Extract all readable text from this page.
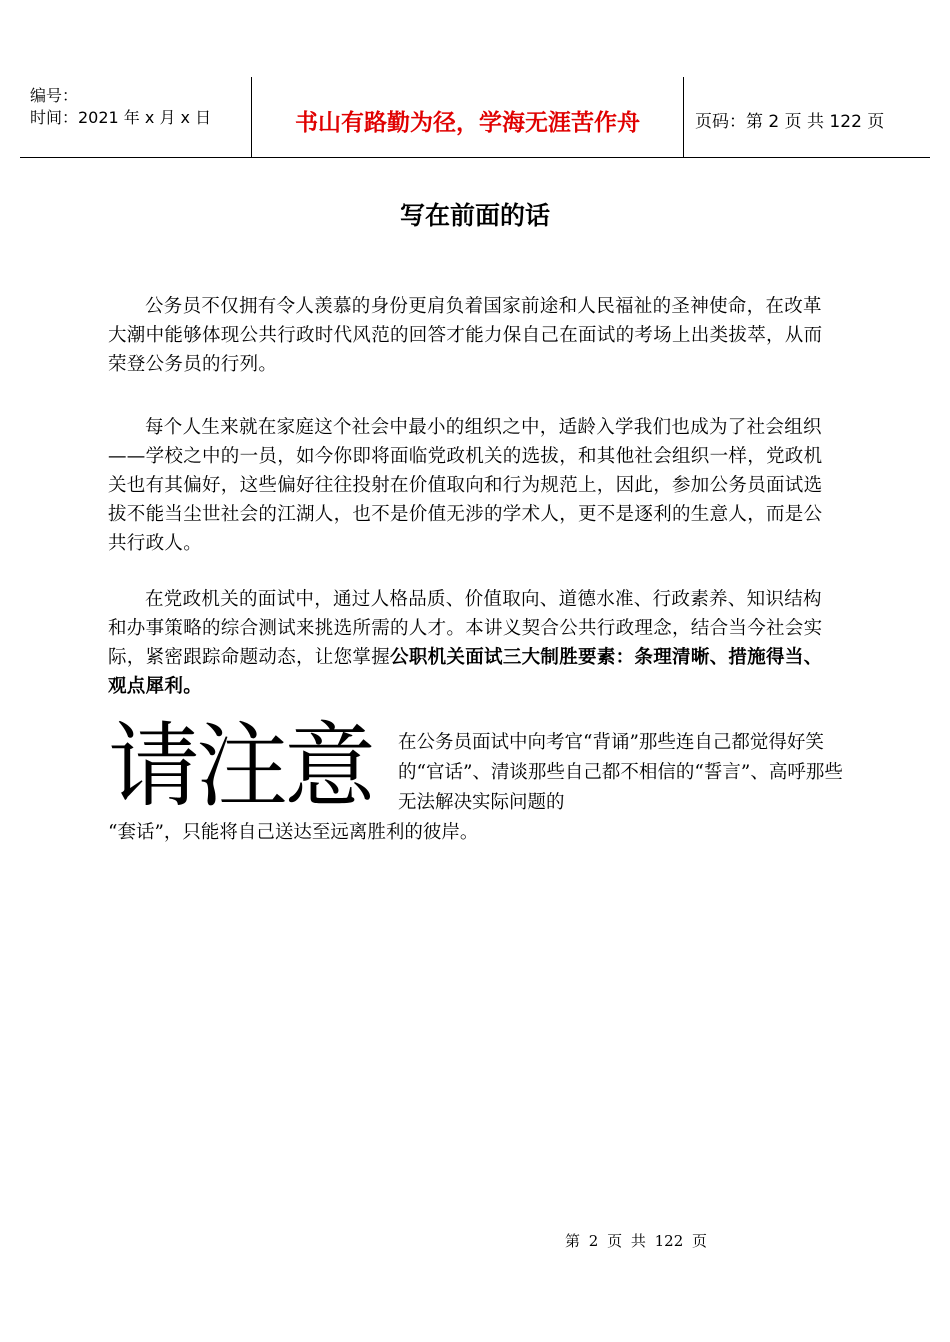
编号：
时间：2021 年 x 月 x 日	书山有路勤为径，学海无涯苦作舟	页码：第 2 页 共 122 页
写在前面的话

公务员不仅拥有令人羡慕的身份更肩负着国家前途和人民福祉的圣神使命，在改革大潮中能够体现公共行政时代风范的回答才能力保自己在面试的考场上出类拔萃，从而荣登公务员的行列。

每个人生来就在家庭这个社会中最小的组织之中，适龄入学我们也成为了社会组织——学校之中的一员，如今你即将面临党政机关的选拔，和其他社会组织一样，党政机关也有其偏好，这些偏好往往投射在价值取向和行为规范上，因此，参加公务员面试选拔不能当尘世社会的江湖人，也不是价值无涉的学术人，更不是逐利的生意人，而是公共行政人。

在党政机关的面试中，通过人格品质、价值取向、道德水准、行政素养、知识结构和办事策略的综合测试来挑选所需的人才。本讲义契合公共行政理念，结合当今社会实际，紧密跟踪命题动态，让您掌握公职机关面试三大制胜要素：条理清晰、措施得当、观点犀利。

请注意 在公务员面试中向考官“背诵”那些连自己都觉得好笑的“官话”、清谈那些自己都不相信的“誓言”、高呼那些无法解决实际问题的
“套话”，只能将自己送达至远离胜利的彼岸。
第 2 页 共 122 页
